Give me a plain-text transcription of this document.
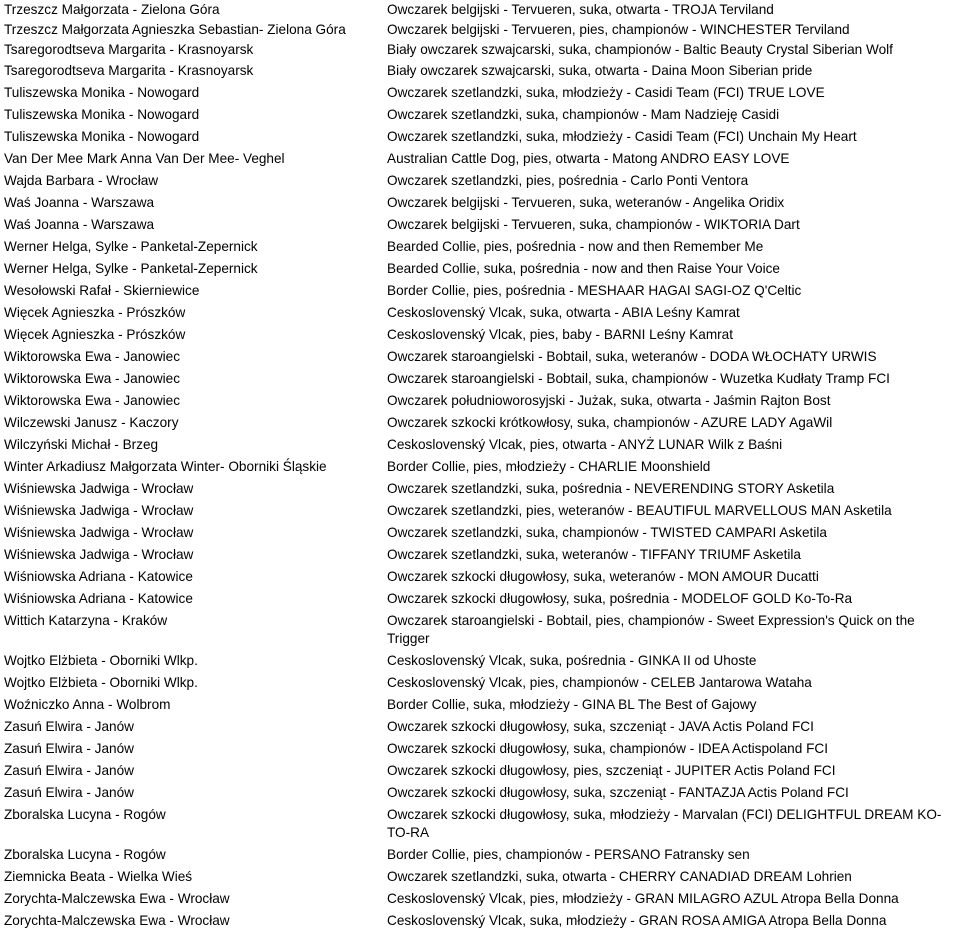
Trzeszcz Małgorzata - Zielona Góra	Owczarek belgijski - Tervueren, suka, otwarta - TROJA Terviland
Trzeszcz Małgorzata Agnieszka Sebastian- Zielona Góra	Owczarek belgijski - Tervueren, pies, championów - WINCHESTER Terviland
Tsaregorodtseva Margarita - Krasnoyarsk	Biały owczarek szwajcarski, suka, championów - Baltic Beauty Crystal Siberian Wolf
Tsaregorodtseva Margarita - Krasnoyarsk	Biały owczarek szwajcarski, suka, otwarta - Daina Moon Siberian pride
Tuliszewska Monika - Nowogard	Owczarek szetlandzki, suka, młodzieży - Casidi Team (FCI) TRUE LOVE
Tuliszewska Monika - Nowogard	Owczarek szetlandzki, suka, championów - Mam Nadzieję Casidi
Tuliszewska Monika - Nowogard	Owczarek szetlandzki, suka, młodzieży - Casidi Team (FCI) Unchain My Heart
Van Der Mee Mark Anna Van Der Mee- Veghel	Australian Cattle Dog, pies, otwarta - Matong ANDRO EASY LOVE
Wajda Barbara - Wrocław	Owczarek szetlandzki, pies, pośrednia - Carlo Ponti Ventora
Waś Joanna - Warszawa	Owczarek belgijski - Tervueren, suka, weteranów - Angelika Oridix
Waś Joanna - Warszawa	Owczarek belgijski - Tervueren, suka, championów - WIKTORIA Dart
Werner Helga, Sylke - Panketal-Zepernick	Bearded Collie, pies, pośrednia - now and then Remember Me
Werner Helga, Sylke - Panketal-Zepernick	Bearded Collie, suka, pośrednia - now and then Raise Your Voice
Wesołowski Rafał - Skierniewice	Border Collie, pies, pośrednia - MESHAAR HAGAI SAGI-OZ Q'Celtic
Więcek Agnieszka - Prószków	Ceskoslovenský Vlcak, suka, otwarta - ABIA Leśny Kamrat
Więcek Agnieszka - Prószków	Ceskoslovenský Vlcak, pies, baby - BARNI Leśny Kamrat
Wiktorowska Ewa - Janowiec	Owczarek staroangielski - Bobtail, suka, weteranów - DODA WŁOCHATY URWIS
Wiktorowska Ewa - Janowiec	Owczarek staroangielski - Bobtail, suka, championów - Wuzetka Kudłaty Tramp FCI
Wiktorowska Ewa - Janowiec	Owczarek południoworosyjski - Jużak, suka, otwarta - Jaśmin Rajton Bost
Wilczewski Janusz - Kaczory	Owczarek szkocki krótkowłosy, suka, championów - AZURE LADY AgaWil
Wilczyński Michał - Brzeg	Ceskoslovenský Vlcak, pies, otwarta - ANYŻ LUNAR Wilk z Baśni
Winter Arkadiusz Małgorzata Winter- Oborniki Śląskie	Border Collie, pies, młodzieży - CHARLIE Moonshield
Wiśniewska Jadwiga - Wrocław	Owczarek szetlandzki, suka, pośrednia - NEVERENDING STORY Asketila
Wiśniewska Jadwiga - Wrocław	Owczarek szetlandzki, pies, weteranów - BEAUTIFUL MARVELLOUS MAN Asketila
Wiśniewska Jadwiga - Wrocław	Owczarek szetlandzki, suka, championów - TWISTED CAMPARI Asketila
Wiśniewska Jadwiga - Wrocław	Owczarek szetlandzki, suka, weteranów - TIFFANY TRIUMF Asketila
Wiśniowska Adriana - Katowice	Owczarek szkocki długowłosy, suka, weteranów - MON AMOUR Ducatti
Wiśniowska Adriana - Katowice	Owczarek szkocki długowłosy, suka, pośrednia - MODELOF GOLD Ko-To-Ra
Wittich Katarzyna - Kraków	Owczarek staroangielski - Bobtail, pies, championów - Sweet Expression's Quick on the Trigger
Wojtko Elżbieta - Oborniki Wlkp.	Ceskoslovenský Vlcak, suka, pośrednia - GINKA II od Uhoste
Wojtko Elżbieta - Oborniki Wlkp.	Ceskoslovenský Vlcak, pies, championów - CELEB Jantarowa Wataha
Woźniczko Anna - Wolbrom	Border Collie, suka, młodzieży - GINA BL The Best of Gajowy
Zasuń Elwira - Janów	Owczarek szkocki długowłosy, suka, szczeniąt - JAVA Actis Poland FCI
Zasuń Elwira - Janów	Owczarek szkocki długowłosy, suka, championów - IDEA Actispoland FCI
Zasuń Elwira - Janów	Owczarek szkocki długowłosy, pies, szczeniąt - JUPITER Actis Poland FCI
Zasuń Elwira - Janów	Owczarek szkocki długowłosy, suka, szczeniąt - FANTAZJA Actis Poland FCI
Zboralska Lucyna - Rogów	Owczarek szkocki długowłosy, suka, młodzieży - Marvalan (FCI) DELIGHTFUL DREAM KO-TO-RA
Zboralska Lucyna - Rogów	Border Collie, pies, championów - PERSANO Fatransky sen
Ziemnicka Beata - Wielka Wieś	Owczarek szetlandzki, suka, otwarta - CHERRY CANADIAD DREAM Lohrien
Zorychta-Malczewska Ewa - Wrocław	Ceskoslovenský Vlcak, pies, młodzieży - GRAN MILAGRO AZUL Atropa Bella Donna
Zorychta-Malczewska Ewa - Wrocław	Ceskoslovenský Vlcak, suka, młodzieży - GRAN ROSA AMIGA Atropa Bella Donna
